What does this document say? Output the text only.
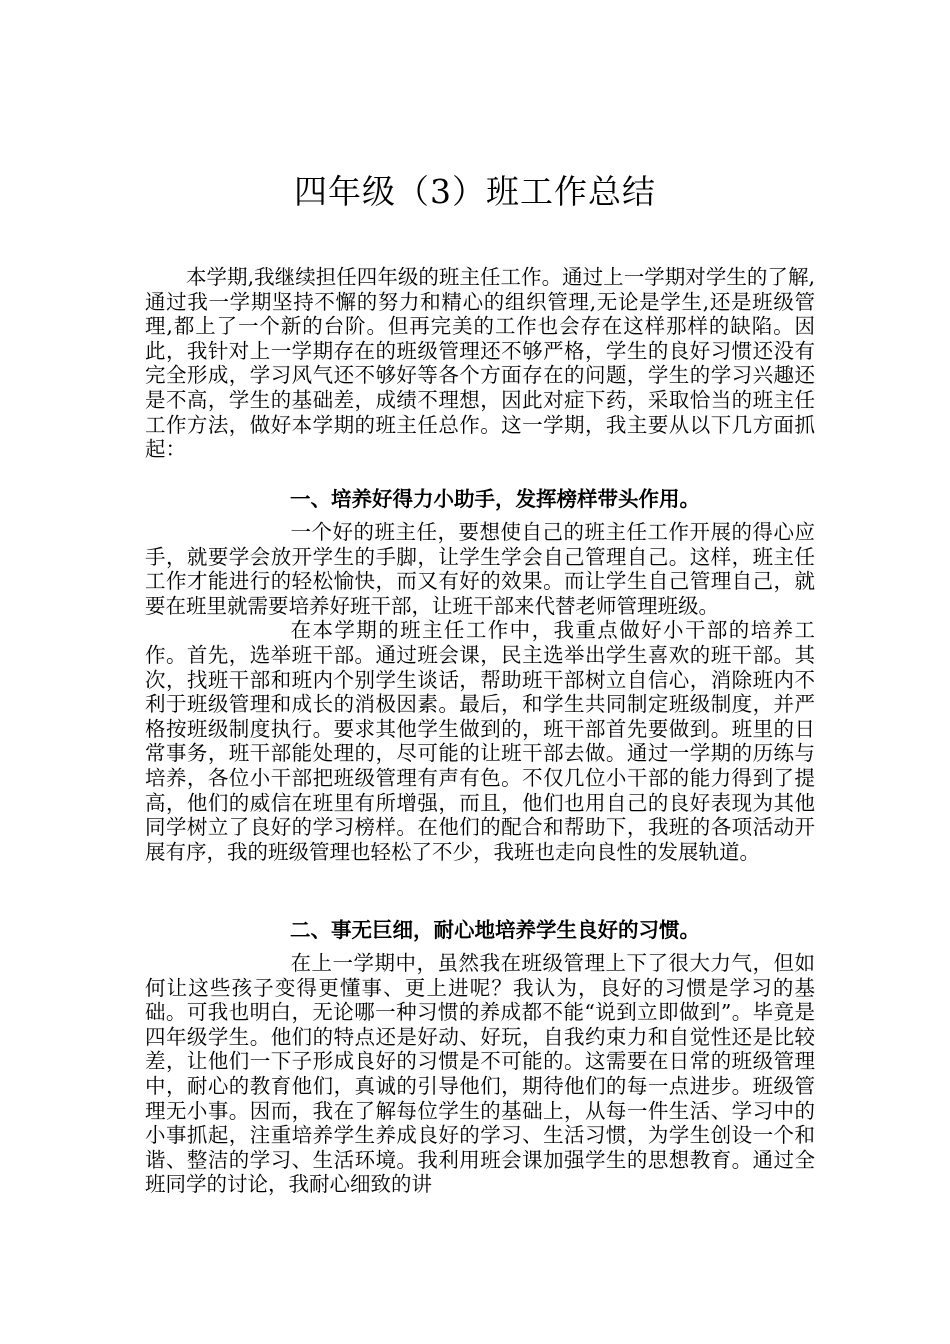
四年级（3）班工作总结

本学期,我继续担任四年级的班主任工作。通过上一学期对学生的了解,通过我一学期坚持不懈的努力和精心的组织管理,无论是学生,还是班级管理,都上了一个新的台阶。但再完美的工作也会存在这样那样的缺陷。因此，我针对上一学期存在的班级管理还不够严格，学生的良好习惯还没有完全形成，学习风气还不够好等各个方面存在的问题，学生的学习兴趣还是不高，学生的基础差，成绩不理想，因此对症下药，采取恰当的班主任工作方法，做好本学期的班主任总作。这一学期，我主要从以下几方面抓起：

一、培养好得力小助手，发挥榜样带头作用。

一个好的班主任，要想使自己的班主任工作开展的得心应手，就要学会放开学生的手脚，让学生学会自己管理自己。这样，班主任工作才能进行的轻松愉快，而又有好的效果。而让学生自己管理自己，就要在班里就需要培养好班干部，让班干部来代替老师管理班级。

在本学期的班主任工作中，我重点做好小干部的培养工作。首先，选举班干部。通过班会课，民主选举出学生喜欢的班干部。其次，找班干部和班内个别学生谈话，帮助班干部树立自信心，消除班内不利于班级管理和成长的消极因素。最后，和学生共同制定班级制度，并严格按班级制度执行。要求其他学生做到的，班干部首先要做到。班里的日常事务，班干部能处理的，尽可能的让班干部去做。通过一学期的历练与培养，各位小干部把班级管理有声有色。不仅几位小干部的能力得到了提高，他们的威信在班里有所增强，而且，他们也用自己的良好表现为其他同学树立了良好的学习榜样。在他们的配合和帮助下，我班的各项活动开展有序，我的班级管理也轻松了不少，我班也走向良性的发展轨道。

二、事无巨细，耐心地培养学生良好的习惯。

在上一学期中，虽然我在班级管理上下了很大力气，但如何让这些孩子变得更懂事、更上进呢？我认为，良好的习惯是学习的基础。可我也明白，无论哪一种习惯的养成都不能“说到立即做到”。毕竟是四年级学生。他们的特点还是好动、好玩，自我约束力和自觉性还是比较差，让他们一下子形成良好的习惯是不可能的。这需要在日常的班级管理中，耐心的教育他们，真诚的引导他们，期待他们的每一点进步。班级管理无小事。因而，我在了解每位学生的基础上，从每一件生活、学习中的小事抓起，注重培养学生养成良好的学习、生活习惯，为学生创设一个和谐、整洁的学习、生活环境。我利用班会课加强学生的思想教育。通过全班同学的讨论，我耐心细致的讲
